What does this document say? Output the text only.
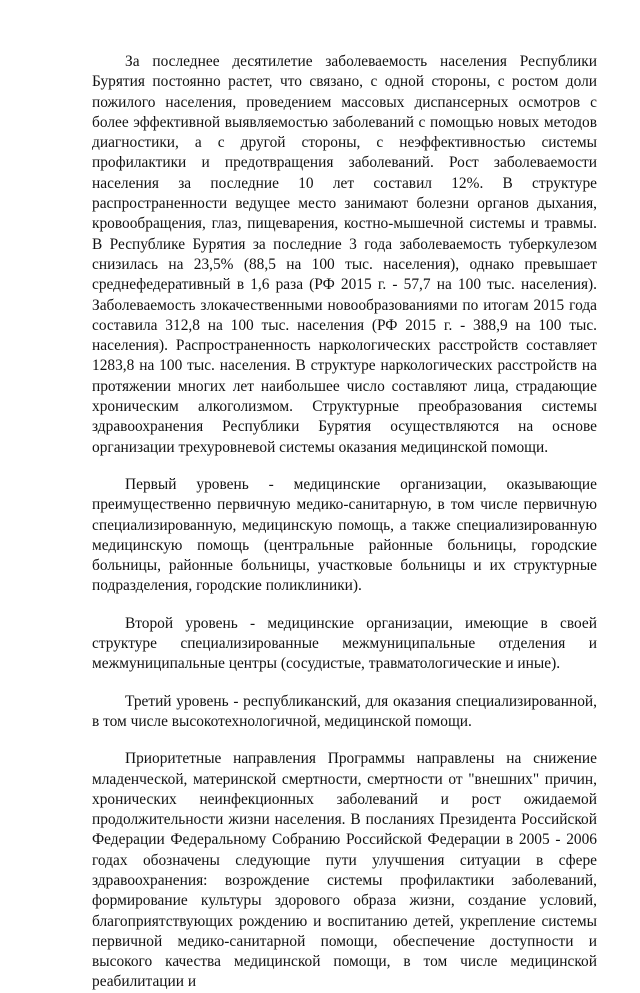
За последнее десятилетие заболеваемость населения Республики Бурятия постоянно растет, что связано, с одной стороны, с ростом доли пожилого населения, проведением массовых диспансерных осмотров с более эффективной выявляемостью заболеваний с помощью новых методов диагностики, а с другой стороны, с неэффективностью системы профилактики и предотвращения заболеваний. Рост заболеваемости населения за последние 10 лет составил 12%. В структуре распространенности ведущее место занимают болезни органов дыхания, кровообращения, глаз, пищеварения, костно-мышечной системы и травмы. В Республике Бурятия за последние 3 года заболеваемость туберкулезом снизилась на 23,5% (88,5 на 100 тыс. населения), однако превышает среднефедеративный в 1,6 раза (РФ 2015 г. - 57,7 на 100 тыс. населения). Заболеваемость злокачественными новообразованиями по итогам 2015 года составила 312,8 на 100 тыс. населения (РФ 2015 г. - 388,9 на 100 тыс. населения). Распространенность наркологических расстройств составляет 1283,8 на 100 тыс. населения. В структуре наркологических расстройств на протяжении многих лет наибольшее число составляют лица, страдающие хроническим алкоголизмом. Структурные преобразования системы здравоохранения Республики Бурятия осуществляются на основе организации трехуровневой системы оказания медицинской помощи.

Первый уровень - медицинские организации, оказывающие преимущественно первичную медико-санитарную, в том числе первичную специализированную, медицинскую помощь, а также специализированную медицинскую помощь (центральные районные больницы, городские больницы, районные больницы, участковые больницы и их структурные подразделения, городские поликлиники).

Второй уровень - медицинские организации, имеющие в своей структуре специализированные межмуниципальные отделения и межмуниципальные центры (сосудистые, травматологические и иные).

Третий уровень - республиканский, для оказания специализированной, в том числе высокотехнологичной, медицинской помощи.

Приоритетные направления Программы направлены на снижение младенческой, материнской смертности, смертности от "внешних" причин, хронических неинфекционных заболеваний и рост ожидаемой продолжительности жизни населения. В посланиях Президента Российской Федерации Федеральному Собранию Российской Федерации в 2005 - 2006 годах обозначены следующие пути улучшения ситуации в сфере здравоохранения: возрождение системы профилактики заболеваний, формирование культуры здорового образа жизни, создание условий, благоприятствующих рождению и воспитанию детей, укрепление системы первичной медико-санитарной помощи, обеспечение доступности и высокого качества медицинской помощи, в том числе медицинской реабилитации и
